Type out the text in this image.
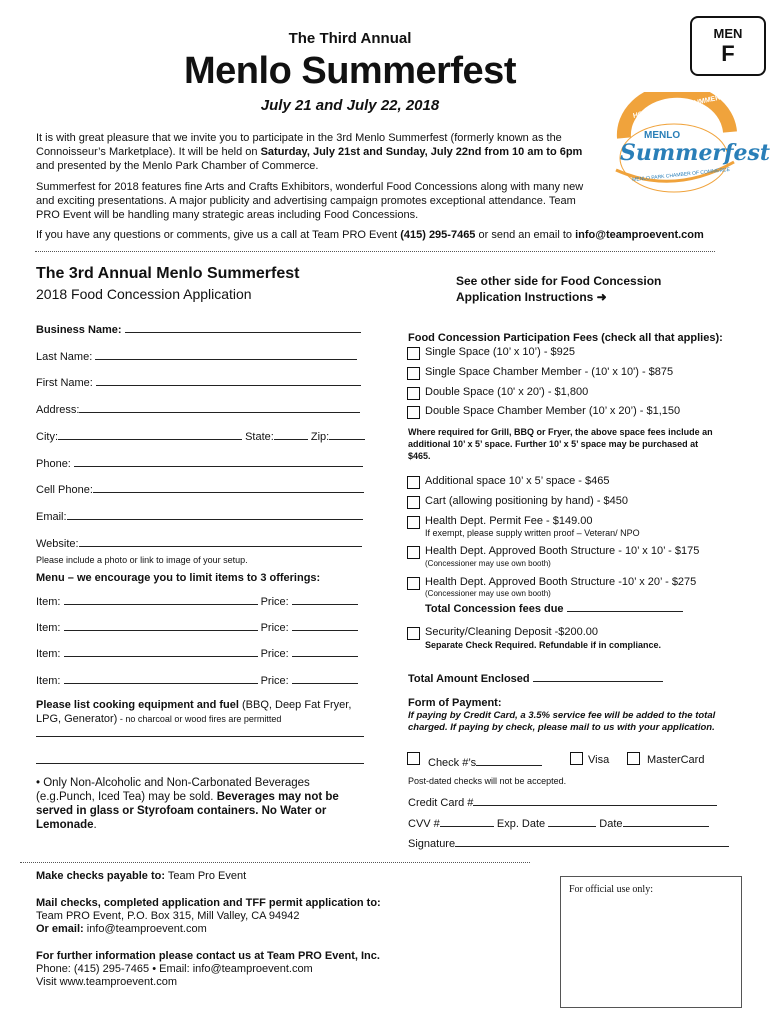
The Third Annual
Menlo Summerfest
July 21 and July 22, 2018
MEN
F
HOT FUN IN THE SUMMERTIME
MENLO
Summerfest
MENLO PARK CHAMBER OF COMMERCE

It is with great pleasure that we invite you to participate in the 3rd Menlo Summerfest (formerly known as the Connoisseur’s Marketplace). It will be held on Saturday, July 21st and Sunday, July 22nd from 10 am to 6pm and presented by the Menlo Park Chamber of Commerce.

Summerfest for 2018 features fine Arts and Crafts Exhibitors, wonderful Food Concessions along with many new and exciting presentations. A major publicity and advertising campaign promotes exceptional attendance. Team PRO Event will be handling many strategic areas including Food Concessions.

If you have any questions or comments, give us a call at Team PRO Event (415) 295-7465 or send an email to info@teamproevent.com

The 3rd Annual Menlo Summerfest
2018 Food Concession Application
See other side for Food Concession Application Instructions ➜
Business Name:
Last Name:
First Name:
Address:
City:	State:	Zip:
Phone:
Cell Phone:
Email:
Website:
Please include a photo or link to image of your setup.
Menu – we encourage you to limit items to 3 offerings:
Item:	Price:
Item:	Price:
Item:	Price:
Item:	Price:

Please list cooking equipment and fuel (BBQ, Deep Fat Fryer, LPG, Generator) - no charcoal or wood fires are permitted

• Only Non-Alcoholic and Non-Carbonated Beverages (e.g.Punch, Iced Tea) may be sold. Beverages may not be served in glass or Styrofoam containers. No Water or Lemonade.

Food Concession Participation Fees (check all that applies):
Single Space (10’ x 10’) - $925
Single Space Chamber Member - (10' x 10') - $875
Double Space (10' x 20') - $1,800
Double Space Chamber Member (10’ x 20’) - $1,150

Where required for Grill, BBQ or Fryer, the above space fees include an additional 10’ x 5’ space. Further 10’ x 5’ space may be purchased at $465.

Additional space 10’ x 5’ space - $465
Cart (allowing positioning by hand) - $450
Health Dept. Permit Fee - $149.00
If exempt, please supply written proof – Veteran/ NPO
Health Dept. Approved Booth Structure - 10’ x 10’ - $175
(Concessioner may use own booth)
Health Dept. Approved Booth Structure -10’ x 20’ - $275
(Concessioner may use own booth)
Total Concession fees due
Security/Cleaning Deposit -$200.00
Separate Check Required. Refundable if in compliance.
Total Amount Enclosed
Form of Payment:

If paying by Credit Card, a 3.5% service fee will be added to the total charged. If paying by check, please mail to us with your application.

Check #’s	Visa	MasterCard
Post-dated checks will not be accepted.
Credit Card #
CVV #	Exp. Date	Date
Signature
Make checks payable to: Team Pro Event
Mail checks, completed application and TFF permit application to:
Team PRO Event, P.O. Box 315, Mill Valley, CA 94942
Or email: info@teamproevent.com
For further information please contact us at Team PRO Event, Inc.
Phone: (415) 295-7465 • Email: info@teamproevent.com
Visit www.teamproevent.com
For official use only:
